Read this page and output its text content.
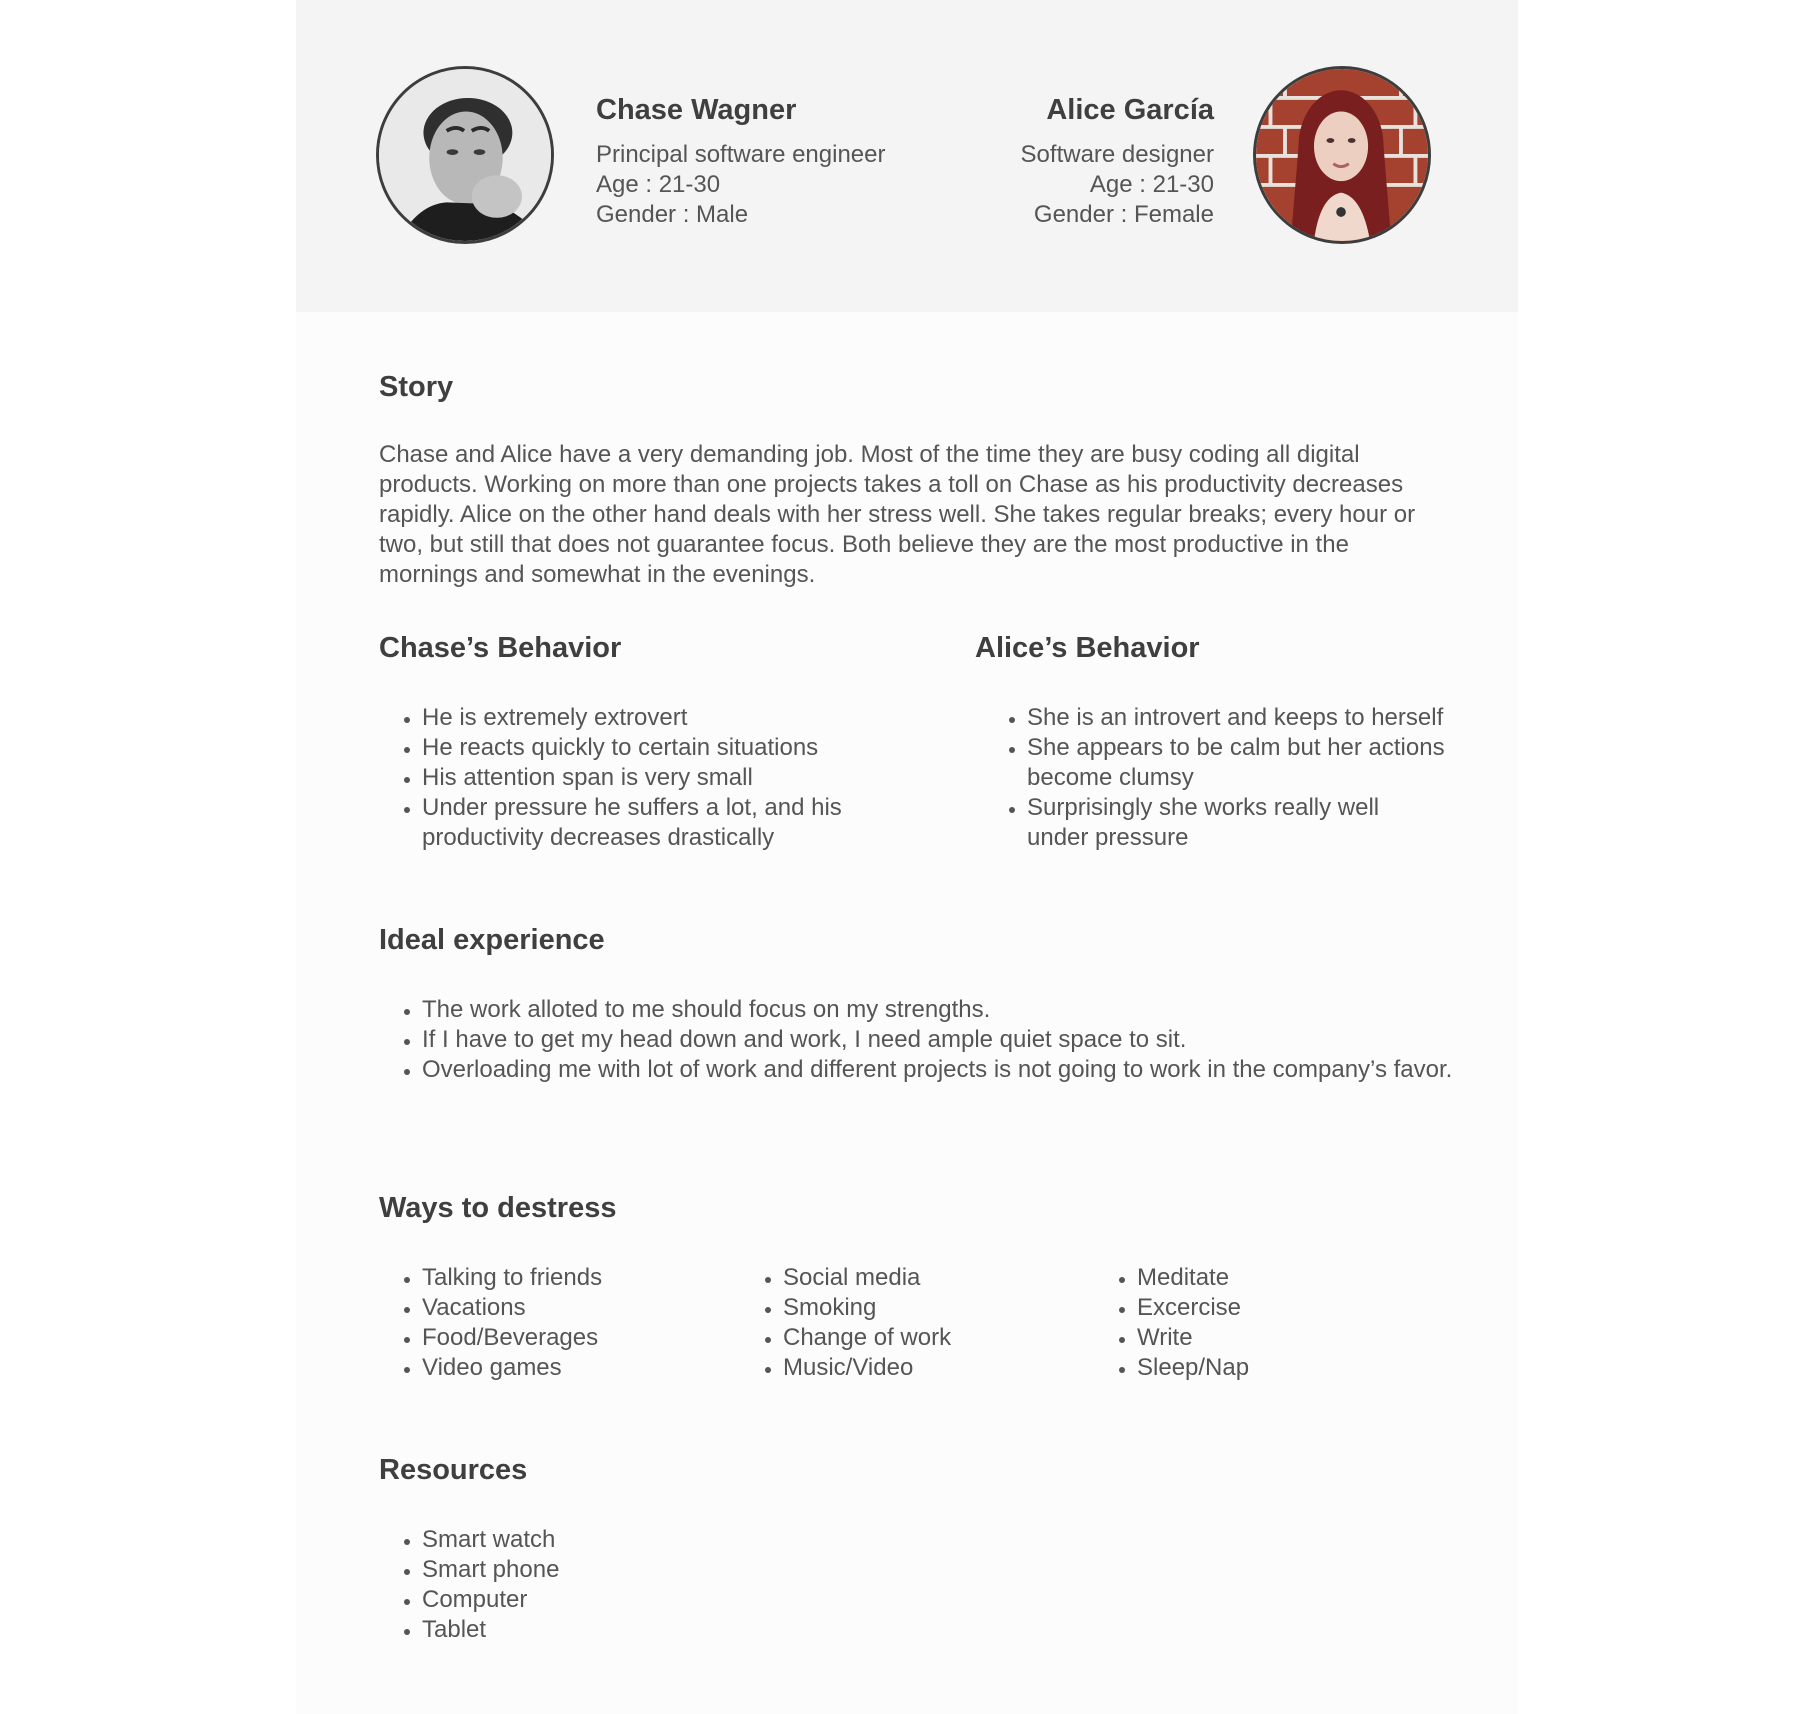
Chase Wagner
Principal software engineer
Age : 21-30
Gender : Male
Alice García
Software designer
Age : 21-30
Gender : Female
Story

Chase and Alice have a very demanding job. Most of the time they are busy coding all digital products. Working on more than one projects takes a toll on Chase as his productivity decreases rapidly. Alice on the other hand deals with her stress well. She takes regular breaks; every hour or two, but still that does not guarantee focus. Both believe they are the most productive in the mornings and somewhat in the evenings.

Chase’s Behavior
• He is extremely extrovert
• He reacts quickly to certain situations
• His attention span is very small
• Under pressure he suffers a lot, and his productivity decreases drastically
Alice’s Behavior
• She is an introvert and keeps to herself
• She appears to be calm but her actions become clumsy
• Surprisingly she works really well under pressure
Ideal experience
• The work alloted to me should focus on my strengths.
• If I have to get my head down and work, I need ample quiet space to sit.
• Overloading me with lot of work and different projects is not going to work in the company’s favor.
Ways to destress
• Talking to friends
• Vacations
• Food/Beverages
• Video games
• Social media
• Smoking
• Change of work
• Music/Video
• Meditate
• Excercise
• Write
• Sleep/Nap
Resources
• Smart watch
• Smart phone
• Computer
• Tablet
